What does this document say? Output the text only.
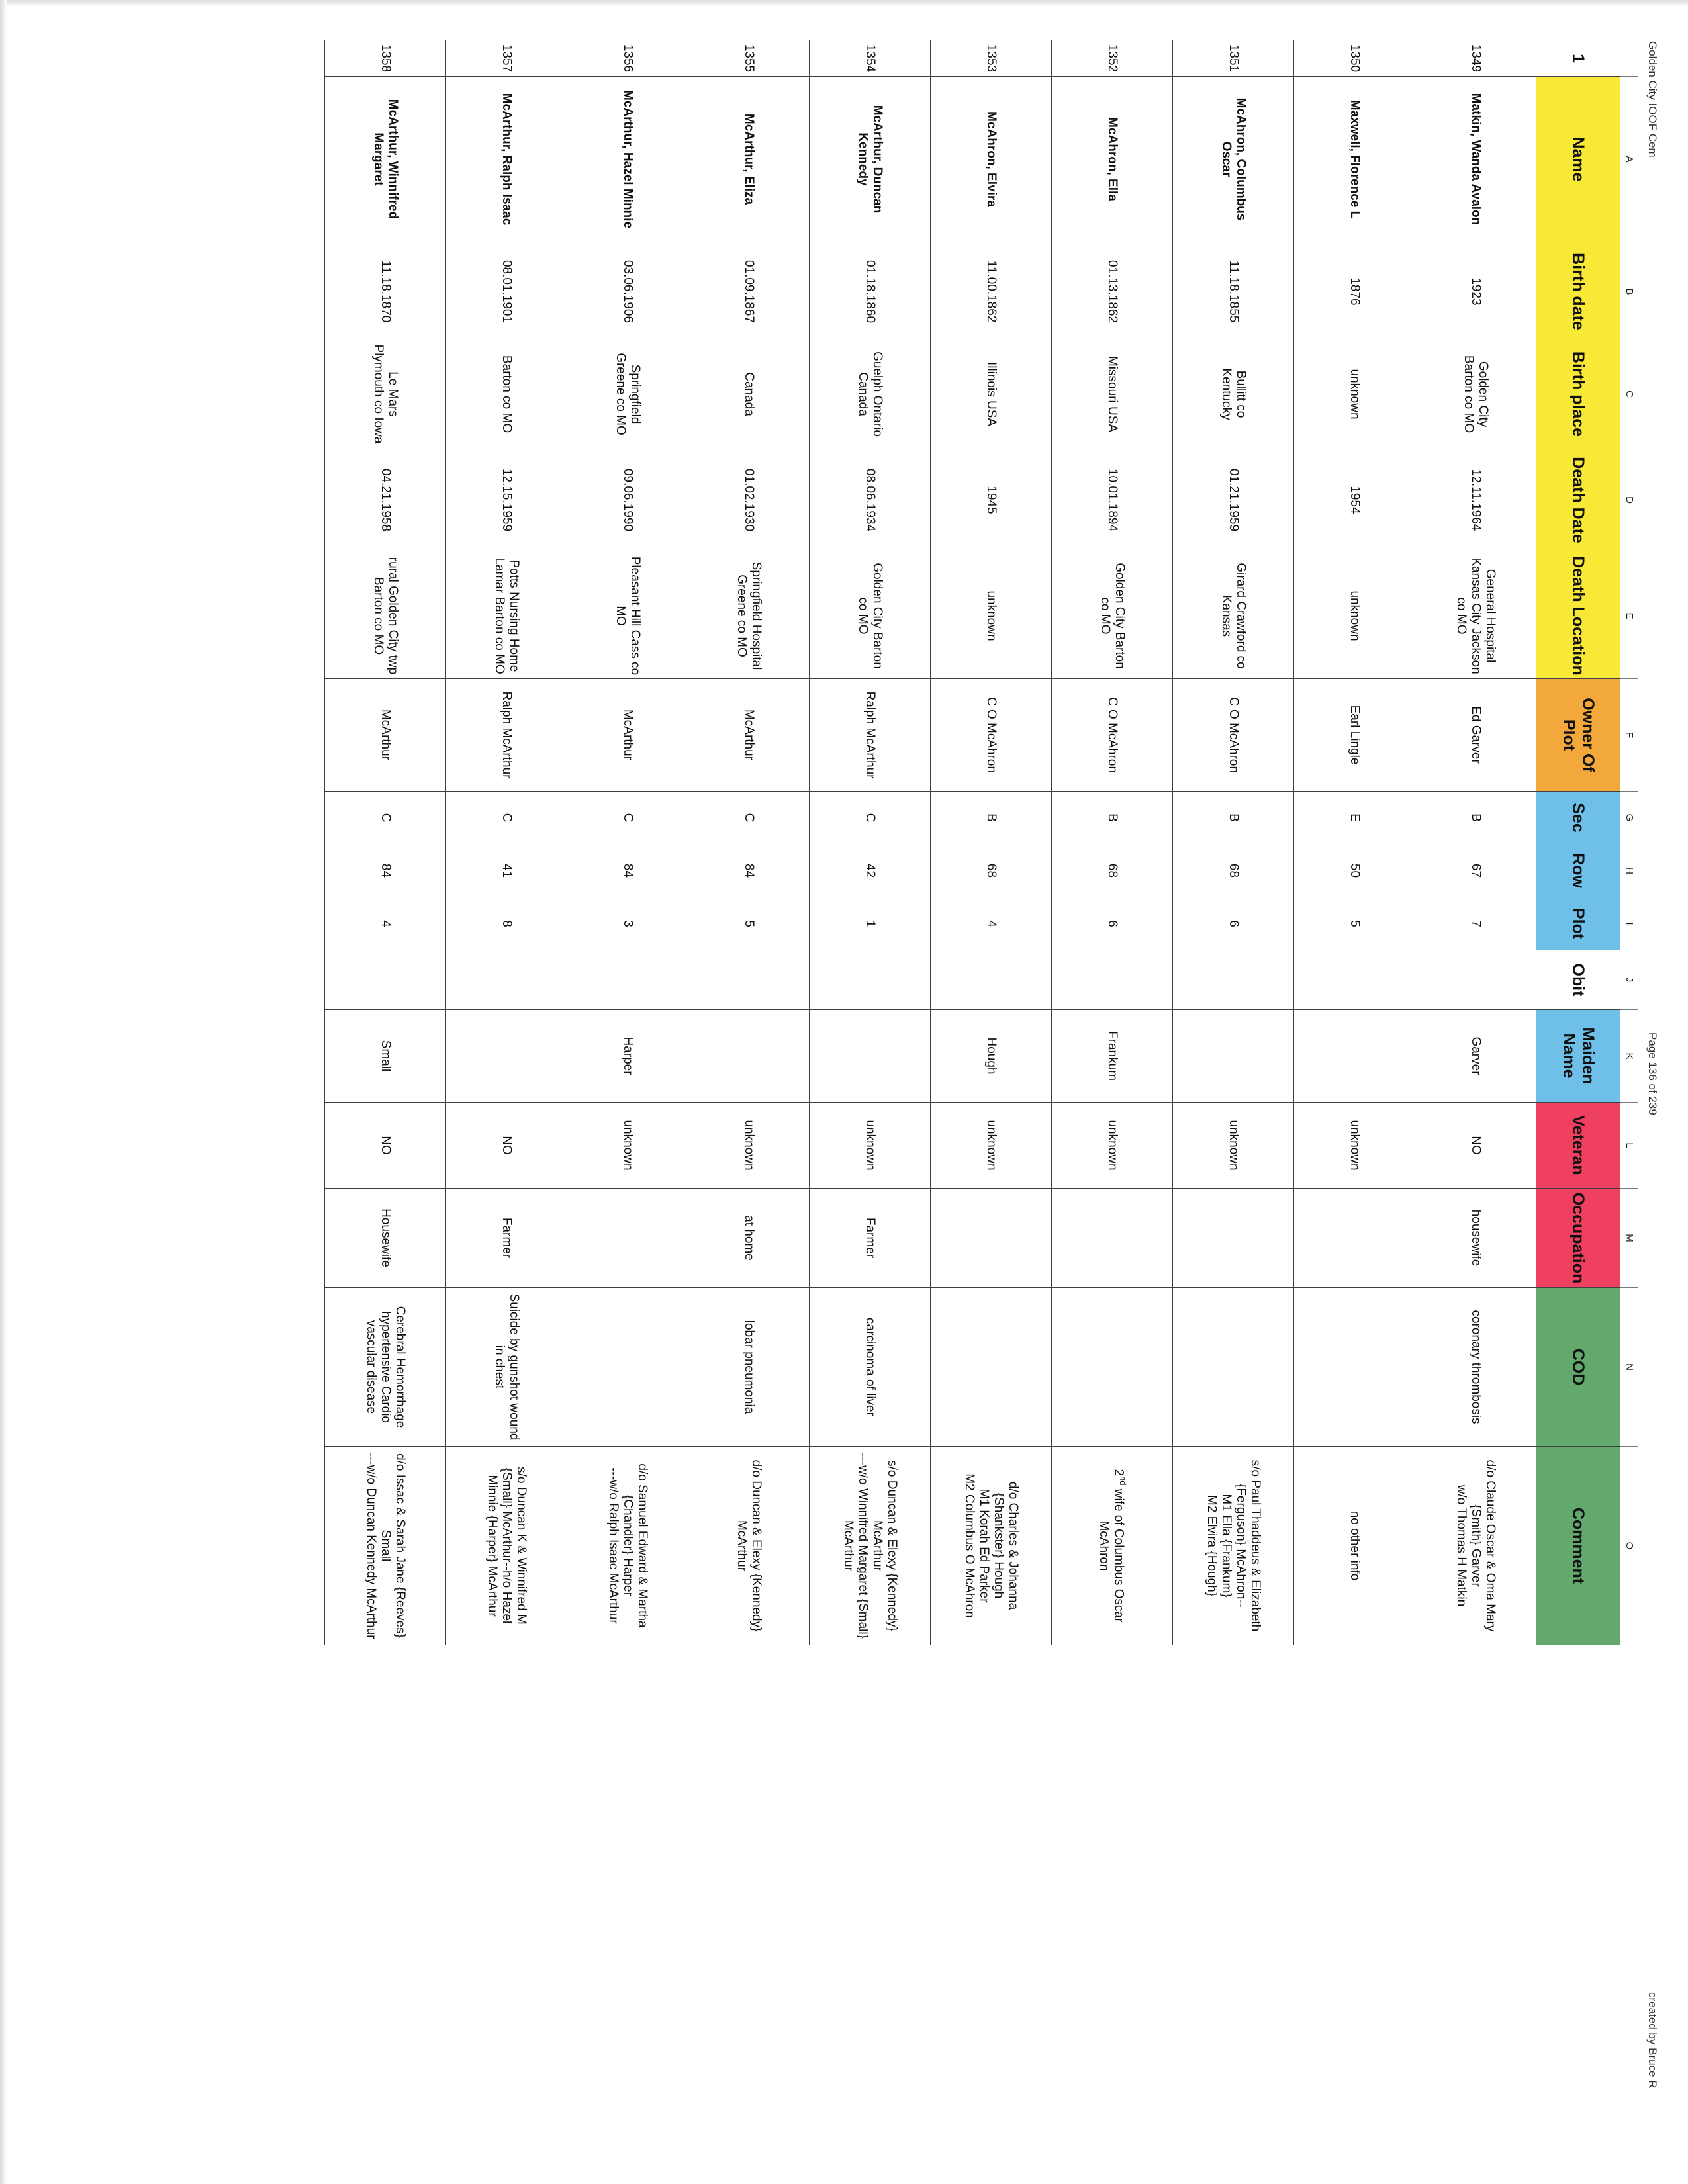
Golden City IOOF Cem
Page 136 of 239
created by Bruce R
	A	B	C	D	E	F	G	H	I	J	K	L	M	N	O
1	Name	Birth date	Birth place	Death Date	Death Location	Owner Of Plot	Sec	Row	Plot	Obit	Maiden Name	Veteran	Occupation	COD	Comment
1349	Matkin, Wanda Avalon	1923	Golden City Barton co MO	12.11.1964	General Hospital Kansas City Jackson co MO	Ed Garver	B	67	7		Garver	NO	housewife	coronary thrombosis	d/o Claude Oscar & Oma Mary {Smith} Garver
w/o Thomas H Matkin
1350	Maxwell, Florence L	1876	unknown	1954	unknown	Earl Lingle	E	50	5			unknown			no other info
1351	McAhron, Columbus Oscar	11.18.1855	Bullitt co Kentucky	01.21.1959	Girard Crawford co Kansas	C O McAhron	B	68	6			unknown			s/o Paul Thaddeus & Elizabeth {Ferguson} McAhron--
M1 Ella {Frankum}
M2 Elvira {Hough}
1352	McAhron, Ella	01.13.1862	Missouri USA	10.01.1894	Golden City Barton co MO	C O McAhron	B	68	6		Frankum	unknown			2nd wife of Columbus Oscar McAhron
1353	McAhron, Elvira	11.00.1862	Illinois USA	1945	unknown	C O McAhron	B	68	4		Hough	unknown			d/o Charles & Johanna {Shankster} Hough
M1 Korah Ed Parker
M2 Columbus O McAhron
1354	McArthur, Duncan Kennedy	01.18.1860	Guelph Ontario Canada	08.06.1934	Golden City Barton co MO	Ralph McArthur	C	42	1			unknown	Farmer	carcinoma of liver	s/o Duncan & Elexy {Kennedy} McArthur
---w/o Winnifred Margaret {Small} McArthur
1355	McArthur, Eliza	01.09.1867	Canada	01.02.1930	Springfield Hospital Greene co MO	McArthur	C	84	5			unknown	at home	lobar pneumonia	d/o Duncan & Elexy {Kennedy} McArthur
1356	McArthur, Hazel Minnie	03.06.1906	Springfield Greene co MO	09.06.1990	Pleasant Hill Cass co MO	McArthur	C	84	3		Harper	unknown			d/o Samuel Edward & Martha {Chandler} Harper
---w/o Ralph Isaac McArthur
1357	McArthur, Ralph Isaac	08.01.1901	Barton co MO	12.15.1959	Potts Nursing Home Lamar Barton co MO	Ralph McArthur	C	41	8			NO	Farmer	Suicide by gunshot wound in chest	s/o Duncan K & Winnifred M {Small} McArthur--h/o Hazel Minnie {Harper} McArthur
1358	McArthur, Winnifred Margaret	11.18.1870	Le Mars Plymouth co Iowa	04.21.1958	rural Golden City twp Barton co MO	McArthur	C	84	4		Small	NO	Housewife	Cerebral Hemorrhage hypertensive Cardio vascular disease	d/o Issac & Sarah Jane {Reeves} Small
---w/o Duncan Kennedy McArthur
